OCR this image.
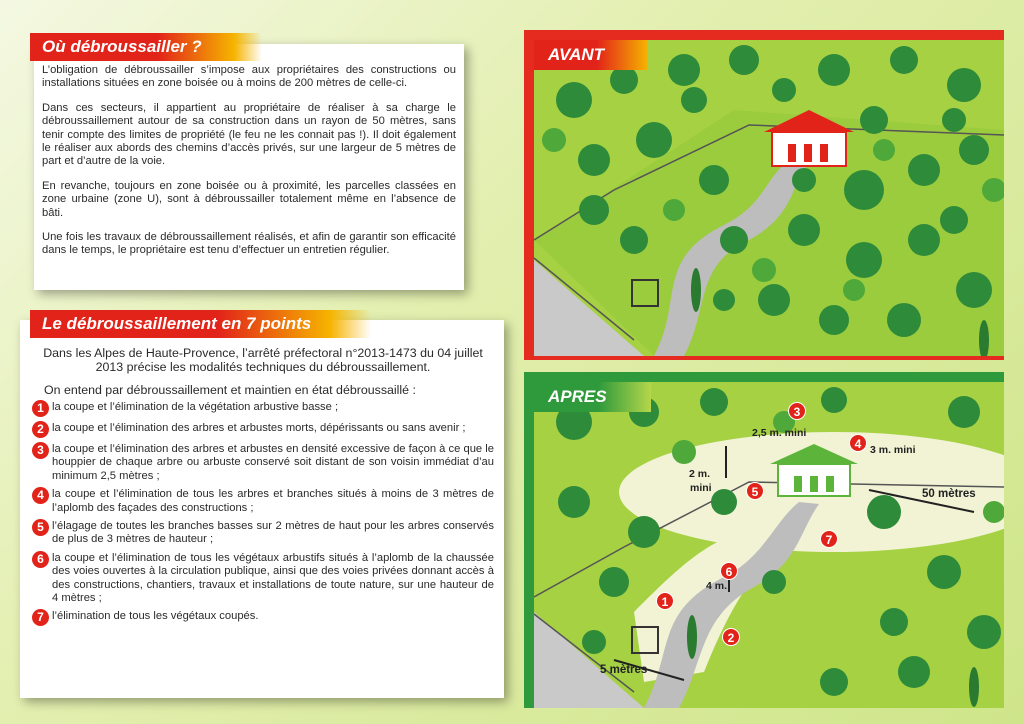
L’obligation de débroussailler s’impose aux propriétaires des constructions ou installations situées en zone boisée ou à moins de 200 mètres de celle-ci.

Dans ces secteurs, il appartient au propriétaire de réaliser à sa charge le débroussaillement autour de sa construction dans un rayon de 50 mètres, sans tenir compte des limites de propriété (le feu ne les connait pas !). Il doit également le réaliser aux abords des chemins d’accès privés, sur une largeur de 5 mètres de part et d’autre de la voie.

En revanche, toujours en zone boisée ou à proximité, les parcelles classées en zone urbaine (zone U), sont à débroussailler totalement même en l’absence de bâti.

Une fois les travaux de débroussaillement réalisés, et afin de garantir son efficacité dans le temps, le propriétaire est tenu d’effectuer un entretien régulier.

Où débroussailler ?

Dans les Alpes de Haute-Provence, l’arrêté préfectoral n°2013-1473 du 04 juillet 2013 précise les modalités techniques du débroussaillement.

On entend par débroussaillement et maintien en état débroussaillé :

1 la coupe et l’élimination de la végétation arbustive basse ;
2 la coupe et l’élimination des arbres et arbustes morts, dépérissants ou sans avenir ;
3 la coupe et l’élimination des arbres et arbustes en densité excessive de façon à ce que le houppier de chaque arbre ou arbuste conservé soit distant de son voisin immédiat d’au minimum 2,5 mètres ;
4 la coupe et l’élimination de tous les arbres et branches situés à moins de 3 mètres de l’aplomb des façades des constructions ;
5 l’élagage de toutes les branches basses sur 2 mètres de haut pour les arbres conservés de plus de 3 mètres de hauteur ;
6 la coupe et l’élimination de tous les végétaux arbustifs situés à l’aplomb de la chaussée des voies ouvertes à la circulation publique, ainsi que des voies privées donnant accès à des constructions, chantiers, travaux et installations de toute nature, sur une hauteur de 4 mètres ;
7 l’élimination de tous les végétaux coupés.
Le débroussaillement en 7 points
AVANT
APRES
3
4
5
7
6
1
2
2,5 m. mini
3 m. mini
2 m.
mini
4 m.
50 mètres
5 mètres
